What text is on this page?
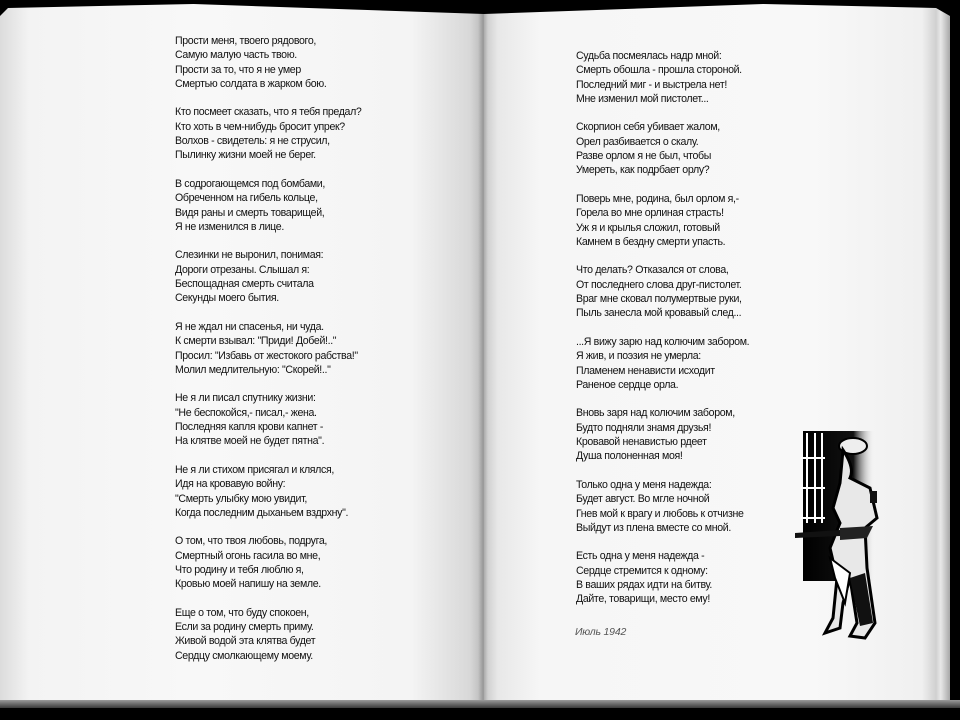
Прости меня, твоего рядового,
Самую малую часть твою.
Прости за то, что я не умер
Смертью солдата в жарком бою.
Кто посмеет сказать, что я тебя предал?
Кто хоть в чем-нибудь бросит упрек?
Волхов - свидетель: я не струсил,
Пылинку жизни моей не берег.
В содрогающемся под бомбами,
Обреченном на гибель кольце,
Видя раны и смерть товарищей,
Я не изменился в лице.
Слезинки не выронил, понимая:
Дороги отрезаны. Слышал я:
Беспощадная смерть считала
Секунды моего бытия.
Я не ждал ни спасенья, ни чуда.
К смерти взывал: "Приди! Добей!.."
Просил: "Избавь от жестокого рабства!"
Молил медлительную: "Скорей!.."
Не я ли писал спутнику жизни:
"Не беспокойся,- писал,- жена.
Последняя капля крови капнет -
На клятве моей не будет пятна".
Не я ли стихом присягал и клялся,
Идя на кровавую войну:
"Смерть улыбку мою увидит,
Когда последним дыханьем вздрхну".
О том, что твоя любовь, подруга,
Смертный огонь гасила во мне,
Что родину и тебя люблю я,
Кровью моей напишу на земле.
Еще о том, что буду спокоен,
Если за родину смерть приму.
Живой водой эта клятва будет
Сердцу смолкающему моему.
Судьба посмеялась надр мной:
Смерть обошла - прошла стороной.
Последний миг - и выстрела нет!
Мне изменил мой пистолет...
Скорпион себя убивает жалом,
Орел разбивается о скалу.
Разве орлом я не был, чтобы
Умереть, как подрбает орлу?
Поверь мне, родина, был орлом я,-
Горела во мне орлиная страсть!
Уж я и крылья сложил, готовый
Камнем в бездну смерти упасть.
Что делать? Отказался от слова,
От последнего слова друг-пистолет.
Враг мне сковал полумертвые руки,
Пыль занесла мой кровавый след...
...Я вижу зарю над колючим забором.
Я жив, и поэзия не умерла:
Пламенем ненависти исходит
Раненое сердце орла.
Вновь заря над колючим забором,
Будто подняли знамя друзья!
Кровавой ненавистью рдеет
Душа полоненная моя!
Только одна у меня надежда:
Будет август. Во мгле ночной
Гнев мой к врагу и любовь к отчизне
Выйдут из плена вместе со мной.
Есть одна у меня надежда -
Сердце стремится к одному:
В ваших рядах идти на битву.
Дайте, товарищи, место ему!
Июль 1942
